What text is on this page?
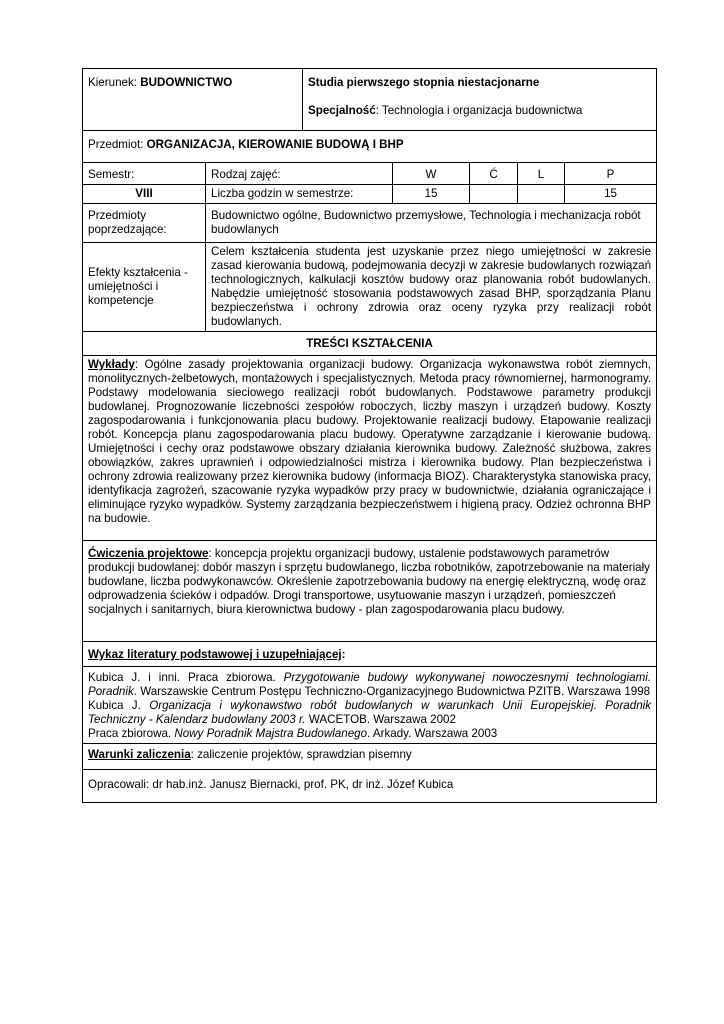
Kierunek: BUDOWNICTWO		Studia pierwszego stopnia niestacjonarne
Specjalność: Technologia i organizacja budownictwa				

Przedmiot: ORGANIZACJA, KIEROWANIE BUDOWĄ I BHP						
Semestr:	Rodzaj zajęć:		W	Ć	L	P
VIII	Liczba godzin w semestrze:		15			15
Przedmioty poprzedzające:	Budownictwo ogólne, Budownictwo przemysłowe, Technologia i mechanizacja robót budowlanych					
Efekty kształcenia - umiejętności i kompetencje	Celem kształcenia studenta jest uzyskanie przez niego umiejętności w zakresie zasad kierowania budową, podejmowania decyzji w zakresie budowlanych rozwiązań technologicznych, kalkulacji kosztów budowy oraz planowania robót budowlanych. Nabędzie umiejętność stosowania podstawowych zasad BHP, sporządzania Planu bezpieczeństwa i ochrony zdrowia oraz oceny ryzyka przy realizacji robót budowlanych.					
TREŚCI KSZTAŁCENIA						
Wykłady: Ogólne zasady projektowania organizacji budowy. Organizacja wykonawstwa robót ziemnych, monolitycznych-żelbetowych, montażowych i specjalistycznych. Metoda pracy równomiernej, harmonogramy. Podstawy modelowania sieciowego realizacji robót budowlanych. Podstawowe parametry produkcji budowlanej. Prognozowanie liczebności zespołów roboczych, liczby maszyn i urządzeń budowy. Koszty zagospodarowania i funkcjonowania placu budowy. Projektowanie realizacji budowy. Etapowanie realizacji robót. Koncepcja planu zagospodarowania placu budowy. Operatywne zarządzanie i kierowanie budową. Umiejętności i cechy oraz podstawowe obszary działania kierownika budowy. Zależność służbowa, zakres obowiązków, zakres uprawnień i odpowiedzialności mistrza i kierownika budowy. Plan bezpieczeństwa i ochrony zdrowia realizowany przez kierownika budowy (informacja BIOZ). Charakterystyka stanowiska pracy, identyfikacja zagrożeń, szacowanie ryzyka wypadków przy pracy w budownictwie, działania ograniczające i eliminujące ryzyko wypadków. Systemy zarządzania bezpieczeństwem i higieną pracy. Odzież ochronna BHP na budowie.						
Ćwiczenia projektowe: koncepcja projektu organizacji budowy, ustalenie podstawowych parametrów produkcji budowlanej: dobór maszyn i sprzętu budowlanego, liczba robotników, zapotrzebowanie na materiały budowlane, liczba podwykonawców. Określenie zapotrzebowania budowy na energię elektryczną, wodę oraz odprowadzenia ścieków i odpadów. Drogi transportowe, usytuowanie maszyn i urządzeń, pomieszczeń socjalnych i sanitarnych, biura kierownictwa budowy - plan zagospodarowania placu budowy.						
Wykaz literatury podstawowej i uzupełniającej:						

Kubica J. i inni. Praca zbiorowa. Przygotowanie budowy wykonywanej nowoczesnymi technologiami. Poradnik. Warszawskie Centrum Postępu Techniczno-Organizacyjnego Budownictwa PZITB. Warszawa 1998

Kubica J. Organizacja i wykonawstwo robót budowlanych w warunkach Unii Europejskiej. Poradnik Techniczny - Kalendarz budowlany 2003 r. WACETOB. Warszawa 2002

Praca zbiorowa. Nowy Poradnik Majstra Budowlanego. Arkady. Warszawa 2003						

Warunki zaliczenia: zaliczenie projektów, sprawdzian pisemny						
Opracowali: dr hab.inż. Janusz Biernacki, prof. PK, dr inż. Józef Kubica						
